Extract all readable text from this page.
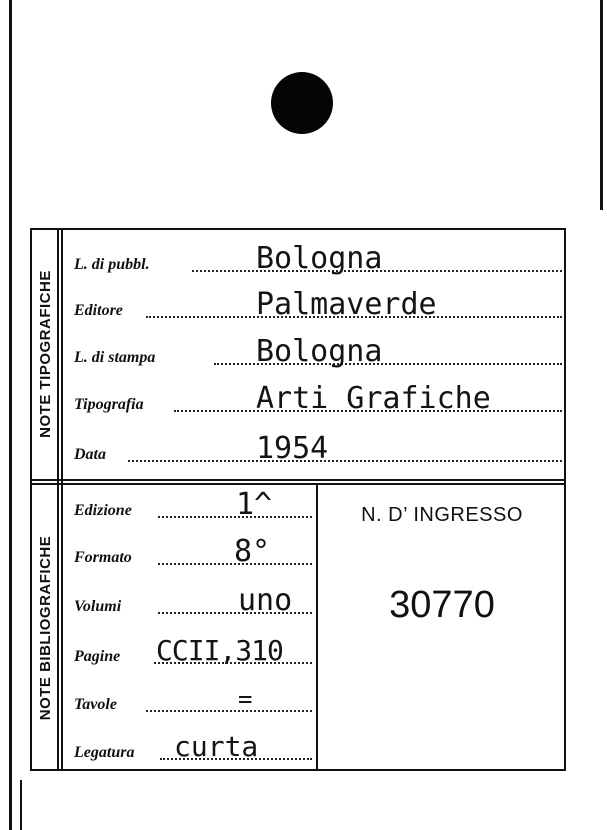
NOTE TIPOGRAFICHE
NOTE BIBLIOGRAFICHE
L. di pubbl.	Bologna
Editore	Palmaverde
L. di stampa	Bologna
Tipografia	Arti Grafiche
Data	1954
Edizione	1^
Formato	8°
Volumi	uno
Pagine CCII,310
Tavole	=
Legatura curta
N. D’ INGRESSO
30770
